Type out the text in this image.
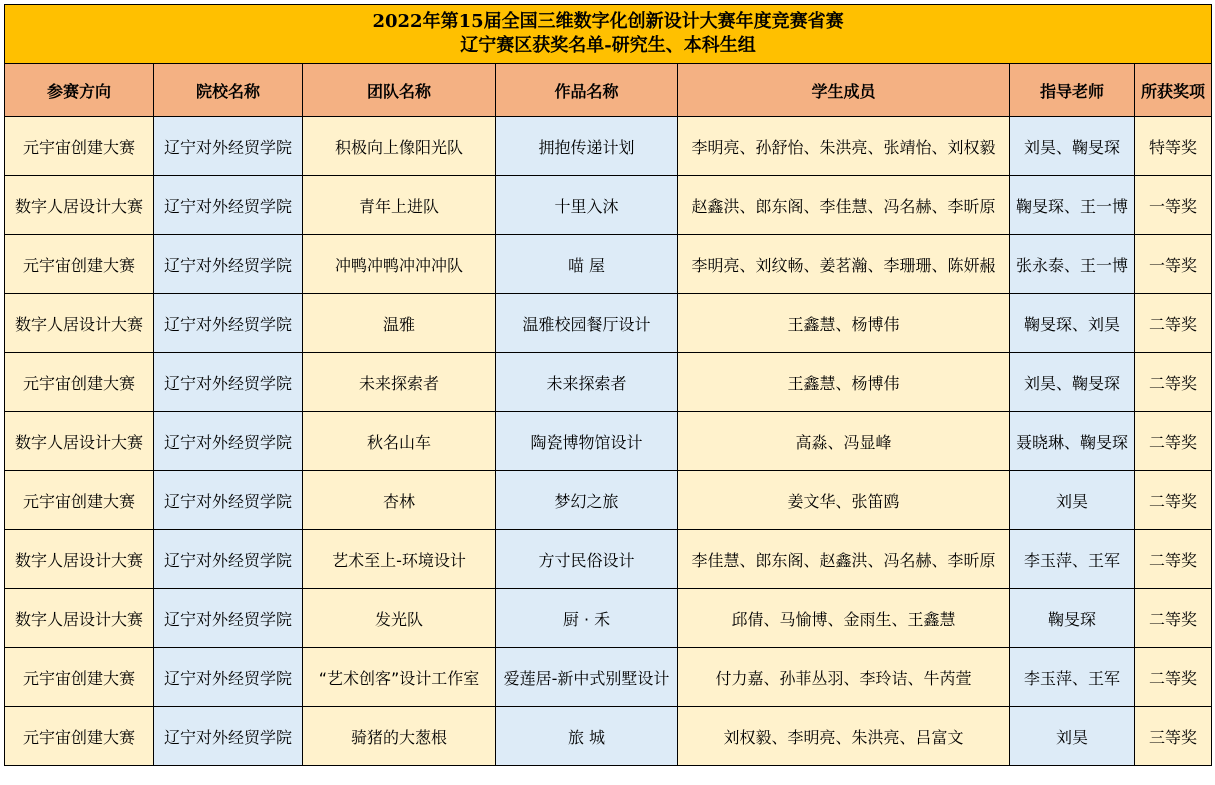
2022年第15届全国三维数字化创新设计大赛年度竞赛省赛
辽宁赛区获奖名单-研究生、本科生组						

参赛方向	院校名称	团队名称	作品名称	学生成员	指导老师	所获奖项
元宇宙创建大赛	辽宁对外经贸学院	积极向上像阳光队	拥抱传递计划	李明亮、孙舒怡、朱洪亮、张靖怡、刘权毅	刘昊、鞠旻琛	特等奖
数字人居设计大赛	辽宁对外经贸学院	青年上进队	十里入沐	赵鑫洪、郎东阁、李佳慧、冯名赫、李昕原	鞠旻琛、王一博	一等奖
元宇宙创建大赛	辽宁对外经贸学院	冲鸭冲鸭冲冲冲队	喵 屋	李明亮、刘纹畅、姜茗瀚、李珊珊、陈妍赧	张永泰、王一博	一等奖
数字人居设计大赛	辽宁对外经贸学院	温雅	温雅校园餐厅设计	王鑫慧、杨博伟	鞠旻琛、刘昊	二等奖
元宇宙创建大赛	辽宁对外经贸学院	未来探索者	未来探索者	王鑫慧、杨博伟	刘昊、鞠旻琛	二等奖
数字人居设计大赛	辽宁对外经贸学院	秋名山车	陶瓷博物馆设计	高淼、冯显峰	聂晓琳、鞠旻琛	二等奖
元宇宙创建大赛	辽宁对外经贸学院	杏林	梦幻之旅	姜文华、张笛鸥	刘昊	二等奖
数字人居设计大赛	辽宁对外经贸学院	艺术至上-环境设计	方寸民俗设计	李佳慧、郎东阁、赵鑫洪、冯名赫、李昕原	李玉萍、王军	二等奖
数字人居设计大赛	辽宁对外经贸学院	发光队	厨 · 禾	邱倩、马愉博、金雨生、王鑫慧	鞠旻琛	二等奖
元宇宙创建大赛	辽宁对外经贸学院	“艺术创客”设计工作室	爱莲居-新中式别墅设计	付力嘉、孙菲丛羽、李玲诘、牛芮萱	李玉萍、王军	二等奖
元宇宙创建大赛	辽宁对外经贸学院	骑猪的大葱根	旅 城	刘权毅、李明亮、朱洪亮、吕富文	刘昊	三等奖
